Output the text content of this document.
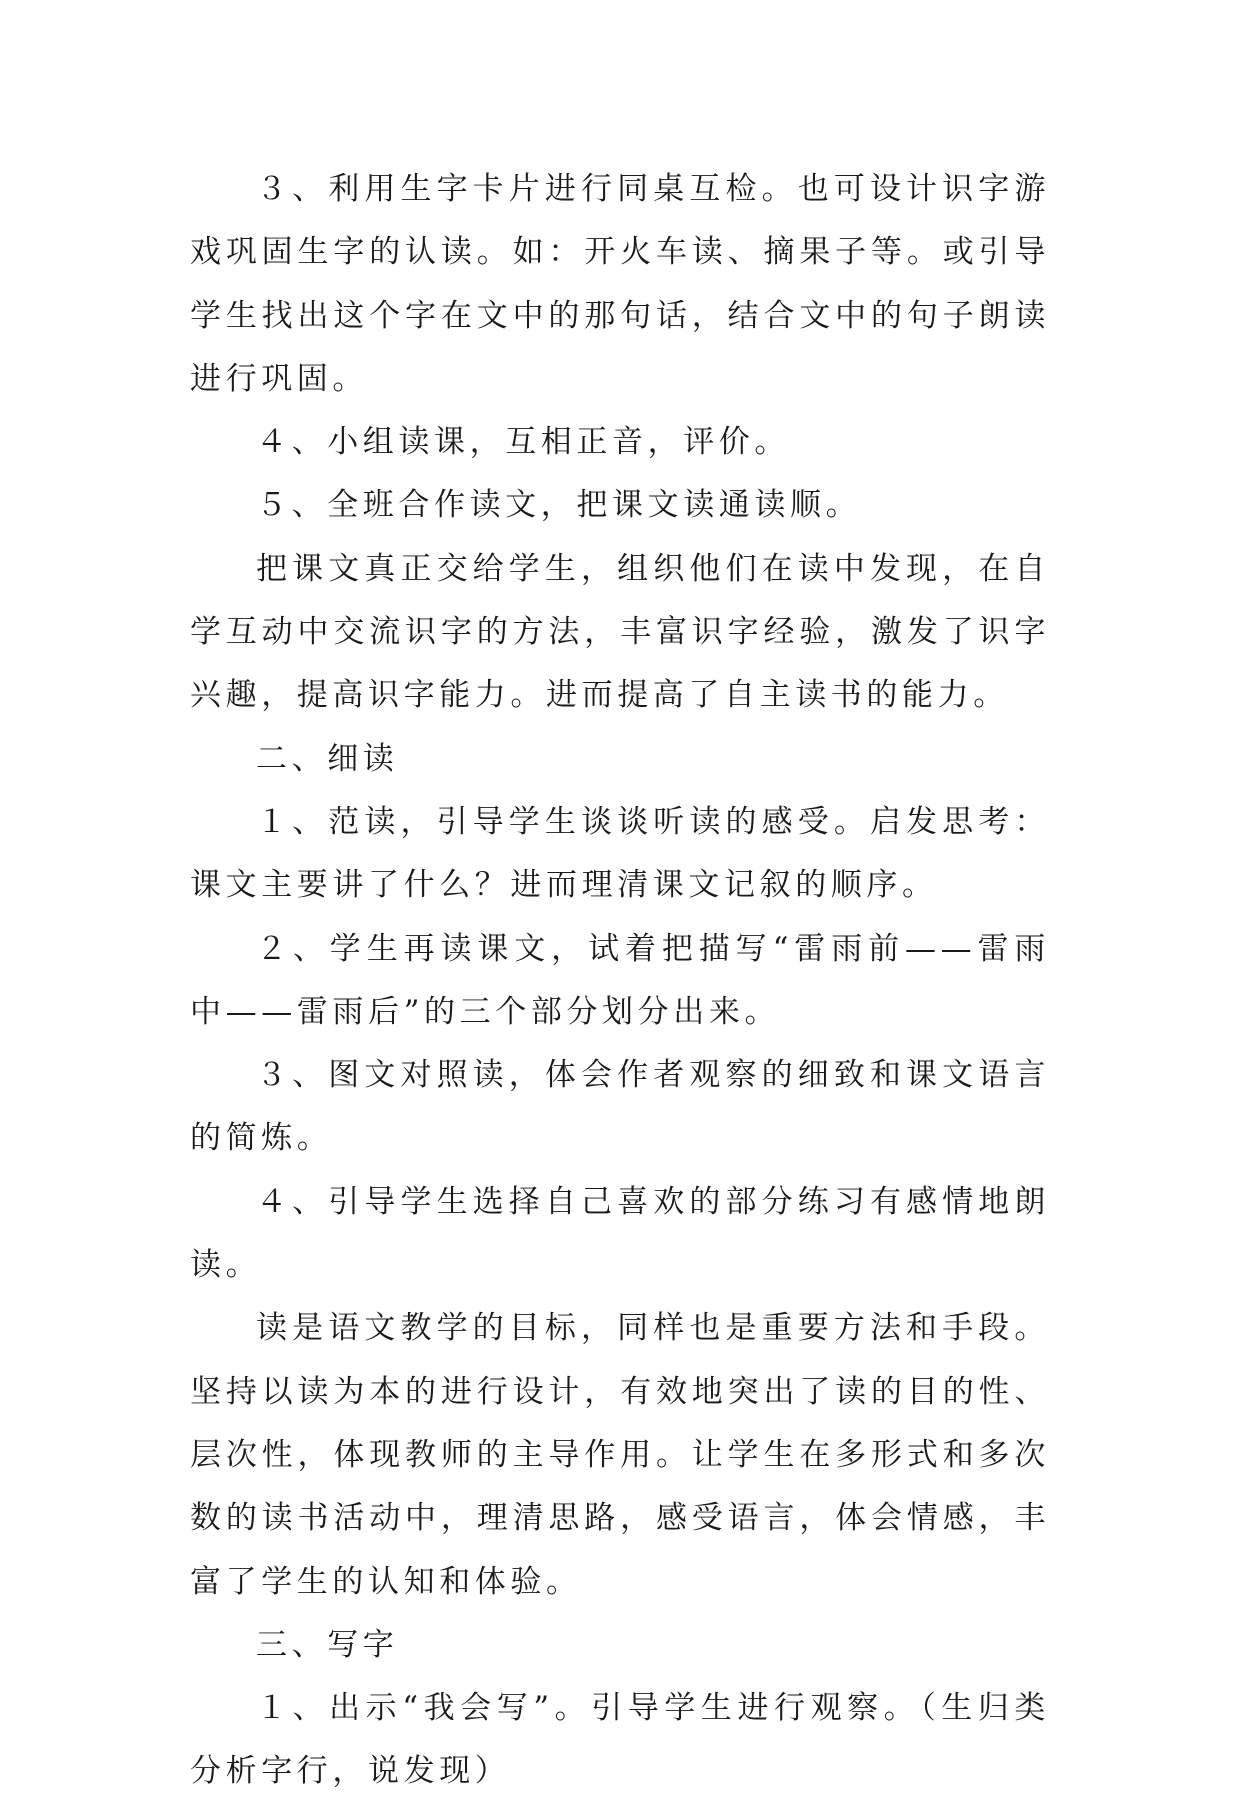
３、利用生字卡片进行同桌互检。也可设计识字游戏巩固生字的认读。如：开火车读、摘果子等。或引导学生找出这个字在文中的那句话，结合文中的句子朗读进行巩固。

４、小组读课，互相正音，评价。

５、全班合作读文，把课文读通读顺。

把课文真正交给学生，组织他们在读中发现，在自学互动中交流识字的方法，丰富识字经验，激发了识字兴趣，提高识字能力。进而提高了自主读书的能力。

二、细读

１、范读，引导学生谈谈听读的感受。启发思考：课文主要讲了什么？进而理清课文记叙的顺序。

２、学生再读课文，试着把描写“雷雨前——雷雨中——雷雨后”的三个部分划分出来。

３、图文对照读，体会作者观察的细致和课文语言的简炼。

４、引导学生选择自己喜欢的部分练习有感情地朗读。

读是语文教学的目标，同样也是重要方法和手段。坚持以读为本的进行设计，有效地突出了读的目的性、层次性，体现教师的主导作用。让学生在多形式和多次数的读书活动中，理清思路，感受语言，体会情感，丰富了学生的认知和体验。

三、写字

１、出示“我会写”。引导学生进行观察。（生归类分析字行，说发现）
